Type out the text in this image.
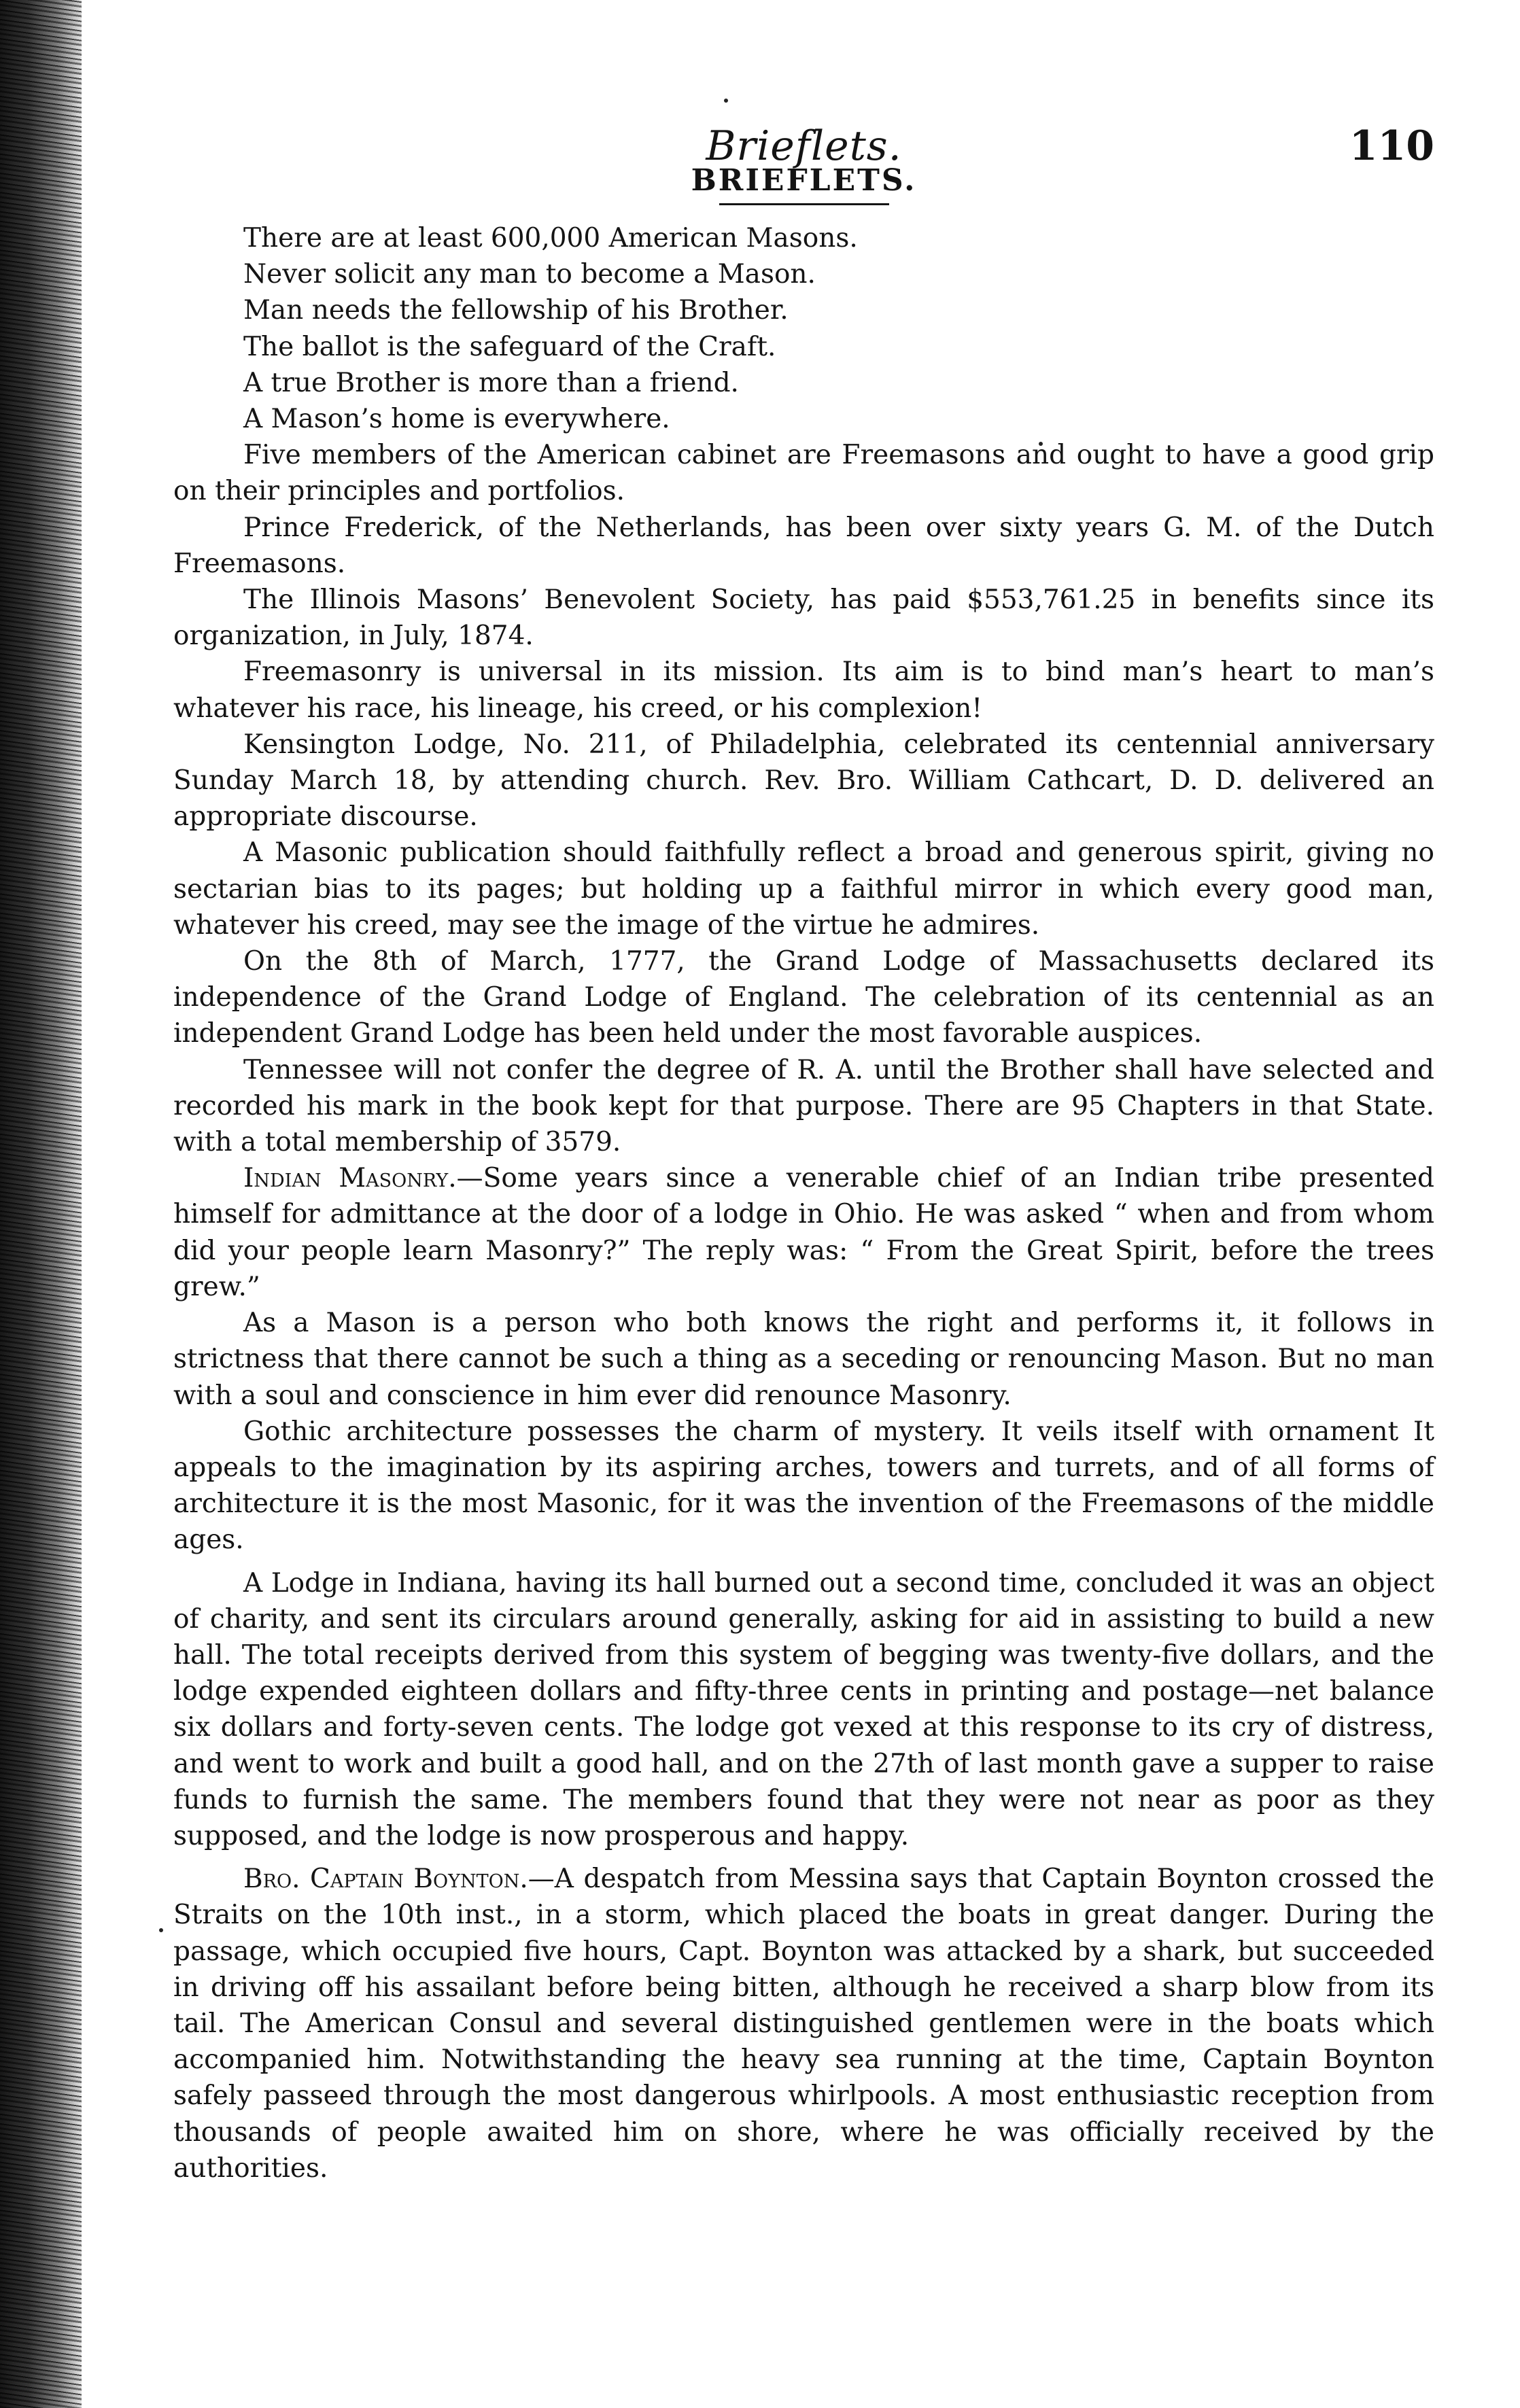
Brieflets.	110
BRIEFLETS.

There are at least 600,000 American Masons.

Never solicit any man to become a Mason.

Man needs the fellowship of his Brother.

The ballot is the safeguard of the Craft.

A true Brother is more than a friend.

A Mason’s home is everywhere.

Five members of the American cabinet are Freemasons and ought to have a good grip on their principles and portfolios.

Prince Frederick, of the Netherlands, has been over sixty years G. M. of the Dutch Freemasons.

The Illinois Masons’ Benevolent Society, has paid $553,761.25 in benefits since its organization, in July, 1874.

Freemasonry is universal in its mission. Its aim is to bind man’s heart to man’s whatever his race, his lineage, his creed, or his complexion!

Kensington Lodge, No. 211, of Philadelphia, celebrated its centennial anniversary Sunday March 18, by attending church. Rev. Bro. William Cathcart, D. D. delivered an appropriate discourse.

A Masonic publication should faithfully reflect a broad and generous spirit, giving no sectarian bias to its pages; but holding up a faithful mirror in which every good man, whatever his creed, may see the image of the virtue he admires.

On the 8th of March, 1777, the Grand Lodge of Massachusetts declared its independence of the Grand Lodge of England. The celebration of its centennial as an independent Grand Lodge has been held under the most favorable auspices.

Tennessee will not confer the degree of R. A. until the Brother shall have selected and recorded his mark in the book kept for that purpose. There are 95 Chapters in that State. with a total membership of 3579.

Indian Masonry.—Some years since a venerable chief of an Indian tribe presented himself for admittance at the door of a lodge in Ohio. He was asked “ when and from whom did your people learn Masonry?” The reply was: “ From the Great Spirit, before the trees grew.”

As a Mason is a person who both knows the right and performs it, it follows in strictness that there cannot be such a thing as a seceding or renouncing Mason. But no man with a soul and conscience in him ever did renounce Masonry.

Gothic architecture possesses the charm of mystery. It veils itself with ornament It appeals to the imagination by its aspiring arches, towers and turrets, and of all forms of architecture it is the most Masonic, for it was the invention of the Freemasons of the middle ages.

A Lodge in Indiana, having its hall burned out a second time, concluded it was an object of charity, and sent its circulars around generally, asking for aid in assisting to build a new hall. The total receipts derived from this system of begging was twenty-five dollars, and the lodge expended eighteen dollars and fifty-three cents in printing and postage—net balance six dollars and forty-seven cents. The lodge got vexed at this response to its cry of distress, and went to work and built a good hall, and on the 27th of last month gave a supper to raise funds to furnish the same. The members found that they were not near as poor as they supposed, and the lodge is now prosperous and happy.

Bro. Captain Boynton.—A despatch from Messina says that Captain Boynton crossed the Straits on the 10th inst., in a storm, which placed the boats in great danger. During the passage, which occupied five hours, Capt. Boynton was attacked by a shark, but succeeded in driving off his assailant before being bitten, although he received a sharp blow from its tail. The American Consul and several distinguished gentlemen were in the boats which accompanied him. Notwithstanding the heavy sea running at the time, Captain Boynton safely passeed through the most dangerous whirlpools. A most enthusiastic reception from thousands of people awaited him on shore, where he was officially received by the authorities.
